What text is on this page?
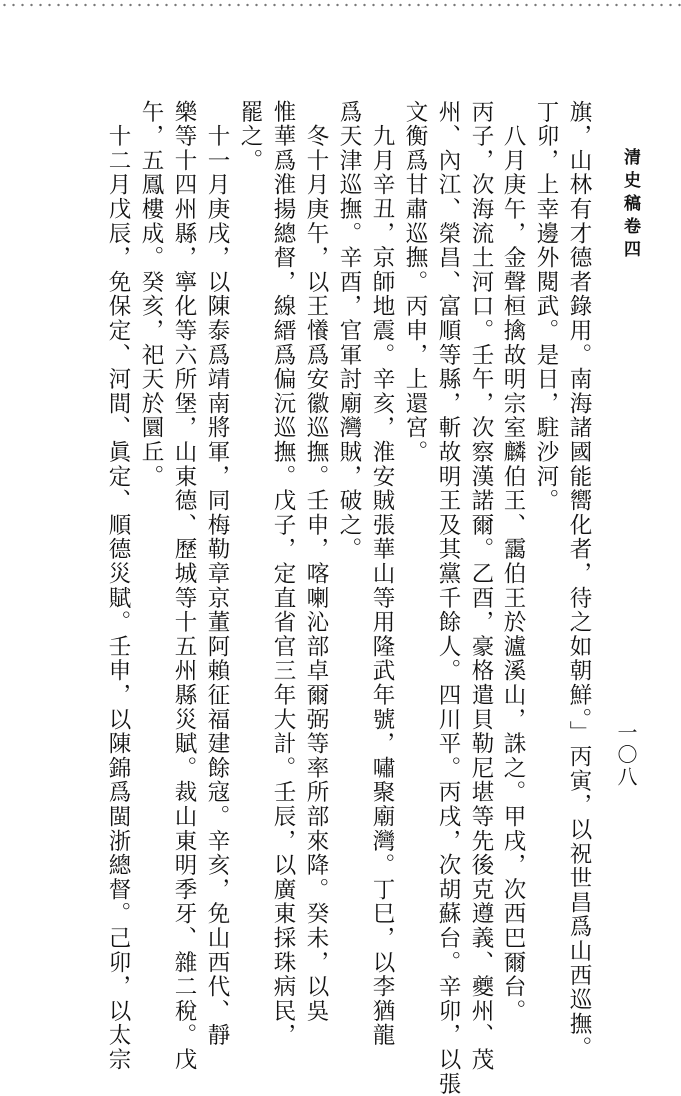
清史稿卷四
一〇八
旗，山林有才德者錄用。南海諸國能嚮化者，待之如朝鮮。」丙寅，以祝世昌爲山西巡撫。
丁卯，上幸邊外閱武。是日，駐沙河。
　八月庚午，金聲桓擒故明宗室麟伯王、靄伯王於瀘溪山，誅之。甲戌，次西巴爾台。
丙子，次海流土河口。壬午，次察漢諾爾。乙酉，豪格遣貝勒尼堪等先後克遵義、夔州、茂
州、內江、榮昌、富順等縣，斬故明王及其黨千餘人。四川平。丙戌，次胡蘇台。辛卯，以張
文衡爲甘肅巡撫。丙申，上還宮。
　九月辛丑，京師地震。辛亥，淮安賊張華山等用隆武年號，嘯聚廟灣。丁巳，以李猶龍
爲天津巡撫。辛酉，官軍討廟灣賊，破之。
　冬十月庚午，以王懩爲安徽巡撫。壬申，喀喇沁部卓爾弼等率所部來降。癸未，以吳
惟華爲淮揚總督，線縉爲偏沅巡撫。戊子，定直省官三年大計。壬辰，以廣東採珠病民，
罷之。
　十一月庚戌，以陳泰爲靖南將軍，同梅勒章京董阿賴征福建餘寇。辛亥，免山西代、靜
樂等十四州縣，寧化等六所堡，山東德、歷城等十五州縣災賦。裁山東明季牙、雜二稅。戊
午，五鳳樓成。癸亥，祀天於圜丘。
　十二月戊辰，免保定、河間、眞定、順德災賦。壬申，以陳錦爲閩浙總督。己卯，以太宗
